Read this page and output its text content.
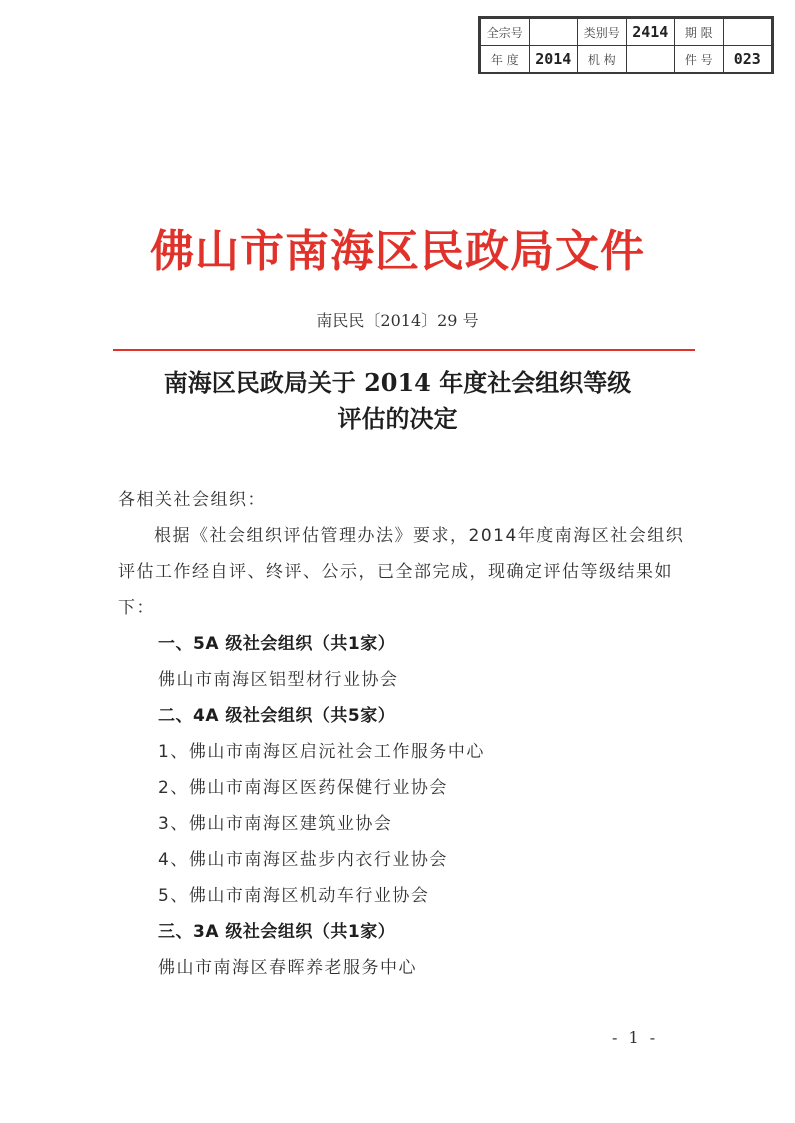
全宗号		类别号	2414	期 限	
年 度	2014	机 构		件 号	023
佛山市南海区民政局文件
南民民〔2014〕29 号
南海区民政局关于 2014 年度社会组织等级
评估的决定

各相关社会组织：

根据《社会组织评估管理办法》要求，2014年度南海区社会组织评估工作经自评、终评、公示，已全部完成，现确定评估等级结果如下：

一、5A 级社会组织（共1家）

佛山市南海区铝型材行业协会

二、4A 级社会组织（共5家）

1、佛山市南海区启沅社会工作服务中心

2、佛山市南海区医药保健行业协会

3、佛山市南海区建筑业协会

4、佛山市南海区盐步内衣行业协会

5、佛山市南海区机动车行业协会

三、3A 级社会组织（共1家）

佛山市南海区春晖养老服务中心

- 1 -
